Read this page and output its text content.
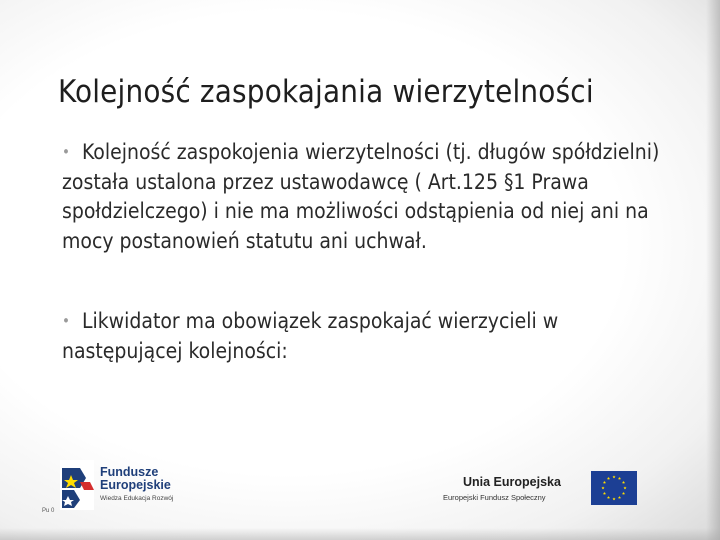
Kolejność zaspokajania wierzytelności
• Kolejność zaspokojenia wierzytelności (tj. długów spółdzielni) została ustalona przez ustawodawcę ( Art.125 §1 Prawa społdzielczego) i nie ma możliwości odstąpienia od niej ani na mocy postanowień statutu ani uchwał.
• Likwidator ma obowiązek zaspokajać wierzycieli w następującej kolejności:
Pu 0
Fundusze
Europejskie
Wiedza Edukacja Rozwój
Unia Europejska
Europejski Fundusz Społeczny
